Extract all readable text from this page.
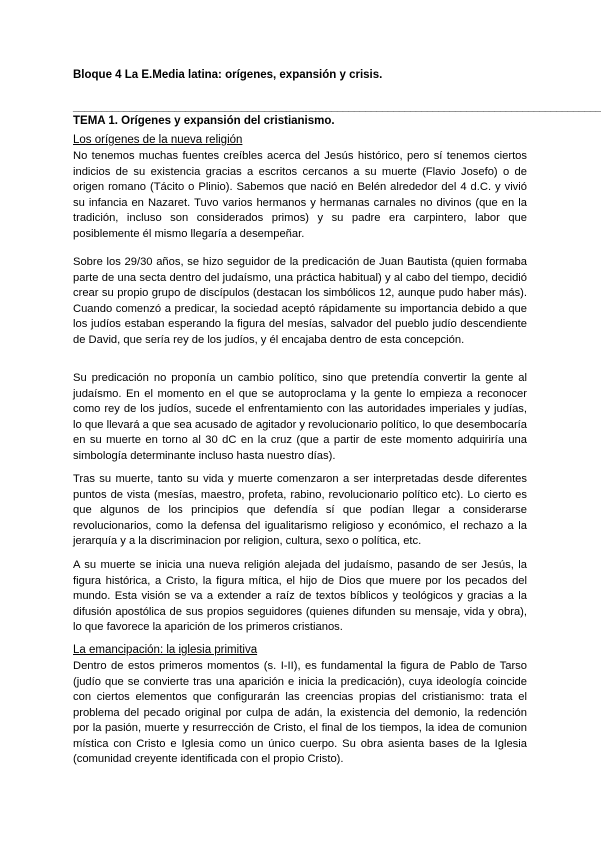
Bloque 4 La E.Media latina: orígenes, expansión y crisis.
______________________________________________________________________________________________
TEMA 1. Orígenes y expansión del cristianismo.
Los orígenes de la nueva religión
No tenemos muchas fuentes creíbles acerca del Jesús histórico, pero sí tenemos ciertos indicios de su existencia gracias a escritos cercanos a su muerte (Flavio Josefo) o de origen romano (Tácito o Plinio). Sabemos que nació en Belén alrededor del 4 d.C. y vivió su infancia en Nazaret. Tuvo varios hermanos y hermanas carnales no divinos (que en la tradición, incluso son considerados primos) y su padre era carpintero, labor que posiblemente él mismo llegaría a desempeñar.
Sobre los 29/30 años, se hizo seguidor de la predicación de Juan Bautista (quien formaba parte de una secta dentro del judaísmo, una práctica habitual) y al cabo del tiempo, decidió crear su propio grupo de discípulos (destacan los simbólicos 12, aunque pudo haber más). Cuando comenzó a predicar, la sociedad aceptó rápidamente su importancia debido a que los judíos estaban esperando la figura del mesías, salvador del pueblo judío descendiente de David, que sería rey de los judíos, y él encajaba dentro de esta concepción.
Su predicación no proponía un cambio político, sino que pretendía convertir la gente al judaísmo. En el momento en el que se autoproclama y la gente lo empieza a reconocer como rey de los judíos, sucede el enfrentamiento con las autoridades imperiales y judías, lo que llevará a que sea acusado de agitador y revolucionario político, lo que desembocaría en su muerte en torno al 30 dC en la cruz (que a partir de este momento adquiriría una simbología determinante incluso hasta nuestro días).
Tras su muerte, tanto su vida y muerte comenzaron a ser interpretadas desde diferentes puntos de vista (mesías, maestro, profeta, rabino, revolucionario político etc). Lo cierto es que algunos de los principios que defendía sí que podían llegar a considerarse revolucionarios, como la defensa del igualitarismo religioso y económico, el rechazo a la jerarquía y a la discriminacion por religion, cultura, sexo o política, etc.
A su muerte se inicia una nueva religión alejada del judaísmo, pasando de ser Jesús, la figura histórica, a Cristo, la figura mítica, el hijo de Dios que muere por los pecados del mundo. Esta visión se va a extender a raíz de textos bíblicos y teológicos y gracias a la difusión apostólica de sus propios seguidores (quienes difunden su mensaje, vida y obra), lo que favorece la aparición de los primeros cristianos.
La emancipación: la iglesia primitiva
Dentro de estos primeros momentos (s. I-II), es fundamental la figura de Pablo de Tarso (judío que se convierte tras una aparición e inicia la predicación), cuya ideología coincide con ciertos elementos que configurarán las creencias propias del cristianismo: trata el problema del pecado original por culpa de adán, la existencia del demonio, la redención por la pasión, muerte y resurrección de Cristo, el final de los tiempos, la idea de comunion mística con Cristo e Iglesia como un único cuerpo. Su obra asienta bases de la Iglesia (comunidad creyente identificada con el propio Cristo).
